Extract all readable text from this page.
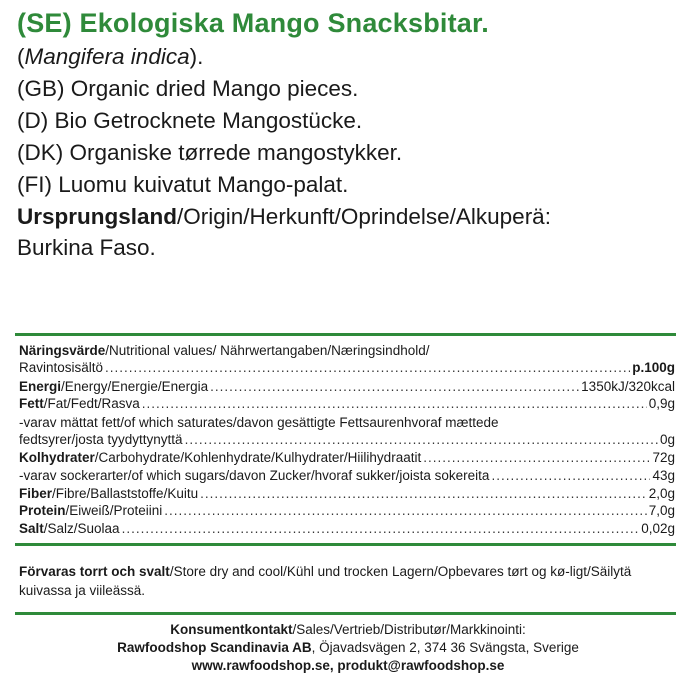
(SE) Ekologiska Mango Snacksbitar.
(Mangifera indica).
(GB) Organic dried Mango pieces.
(D) Bio Getrocknete Mangostücke.
(DK) Organiske tørrede mangostykker.
(FI) Luomu kuivatut Mango-palat.
Ursprungsland/Origin/Herkunft/Oprindelse/Alkuperä:
Burkina Faso.
Näringsvärde/Nutritional values/ Nährwertangaben/Næringsindhold/
Ravintosisältö .....	p.100g
Energi/Energy/Energie/Energia .....	1350kJ/320kcal
Fett/Fat/Fedt/Rasva .....	0,9g
-varav mättat fett/of which saturates/davon gesättigte Fettsaurenhvoraf mættede
fedtsyrer/josta tyydyttynyttä .....	0g
Kolhydrater/Carbohydrate/Kohlenhydrate/Kulhydrater/Hiilihydraatit .....	72g
-varav sockerarter/of which sugars/davon Zucker/hvoraf sukker/joista sokereita .....	43g
Fiber/Fibre/Ballaststoffe/Kuitu .....	2,0g
Protein/Eiweiß/Proteiini .....	7,0g
Salt/Salz/Suolaa .....	0,02g
Förvaras torrt och svalt/Store dry and cool/Kühl und trocken Lagern/Opbevares tørt og kø-ligt/Säilytä kuivassa ja viileässä.
Konsumentkontakt/Sales/Vertrieb/Distributør/Markkinointi:
Rawfoodshop Scandinavia AB, Öjavadsvägen 2, 374 36 Svängsta, Sverige
www.rawfoodshop.se, produkt@rawfoodshop.se
